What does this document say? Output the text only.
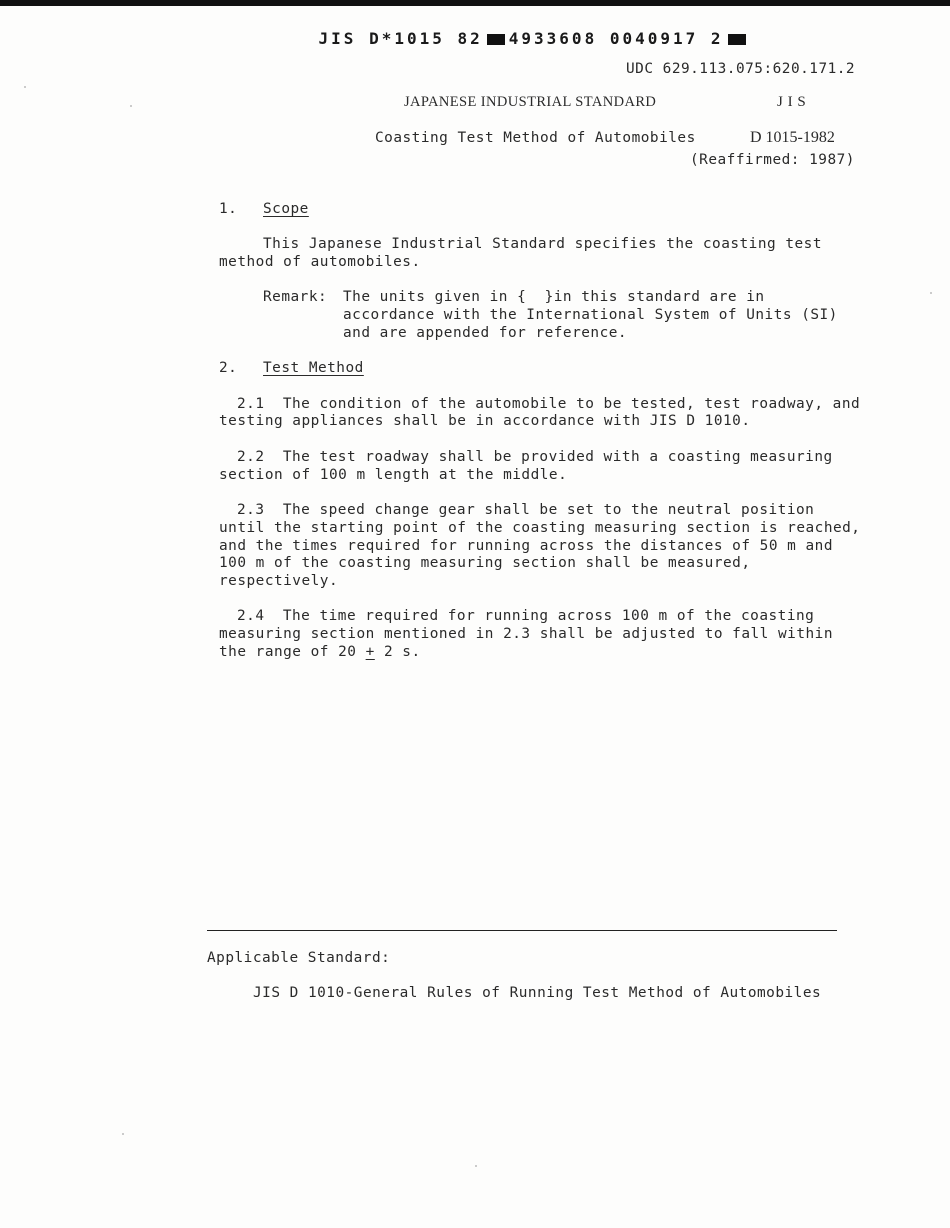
JIS D*1015 82 4933608 0040917 2

UDC 629.113.075:620.171.2
JAPANESE INDUSTRIAL STANDARD	J I S
Coasting Test Method of Automobiles	D 1015-1982
(Reaffirmed: 1987)
1. Scope
This Japanese Industrial Standard specifies the coasting test
method of automobiles.
Remark: The units given in {  }in this standard are in
accordance with the International System of Units (SI)
and are appended for reference.
2. Test Method
2.1  The condition of the automobile to be tested, test roadway, and
testing appliances shall be in accordance with JIS D 1010.
2.2  The test roadway shall be provided with a coasting measuring
section of 100 m length at the middle.
2.3  The speed change gear shall be set to the neutral position
until the starting point of the coasting measuring section is reached,
and the times required for running across the distances of 50 m and
100 m of the coasting measuring section shall be measured,
respectively.
2.4  The time required for running across 100 m of the coasting
measuring section mentioned in 2.3 shall be adjusted to fall within
the range of 20 + 2 s.
Applicable Standard:
JIS D 1010-General Rules of Running Test Method of Automobiles
